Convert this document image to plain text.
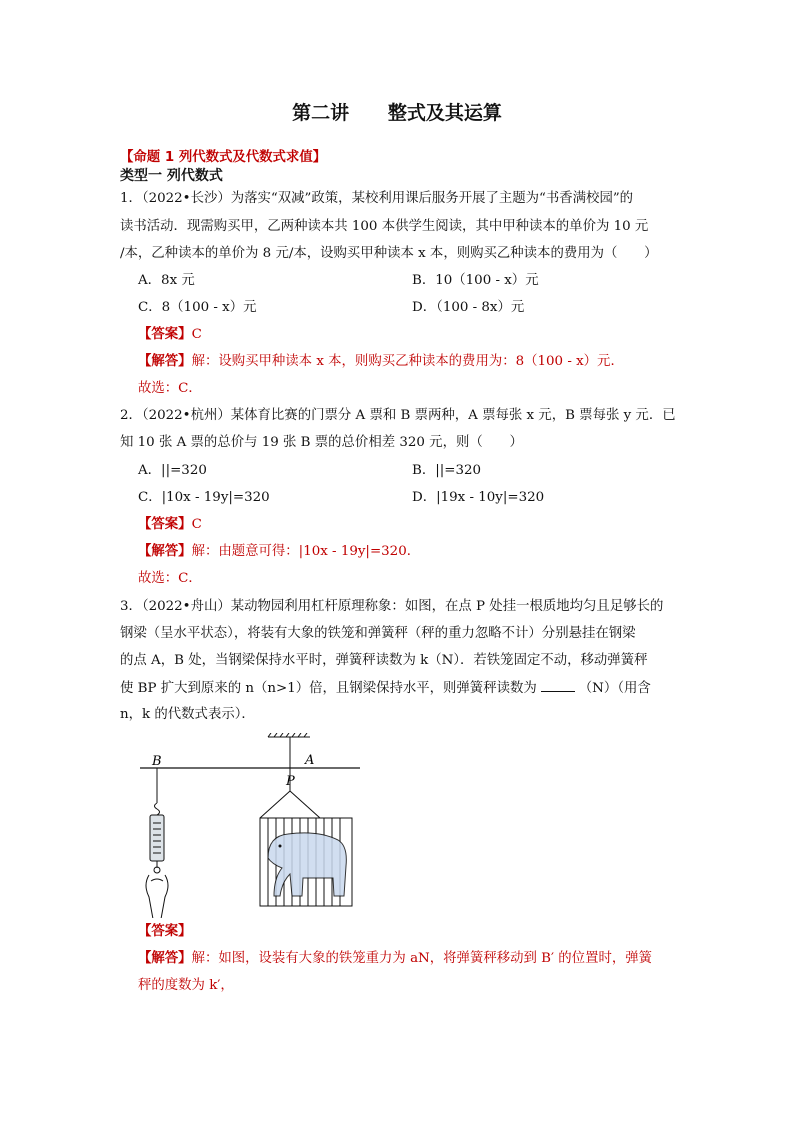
第二讲 整式及其运算
【命题 1 列代数式及代数式求值】
类型一 列代数式
1．（2022•长沙）为落实“双减”政策，某校利用课后服务开展了主题为“书香满校园”的
读书活动．现需购买甲，乙两种读本共 100 本供学生阅读，其中甲种读本的单价为 10 元
/本，乙种读本的单价为 8 元/本，设购买甲种读本 x 本，则购买乙种读本的费用为（　　）
A．8x 元	B．10（100 - x）元
C．8（100 - x）元	D．（100 - 8x）元
【答案】C
【解答】解：设购买甲种读本 x 本，则购买乙种读本的费用为：8（100 - x）元．
故选：C．
2．（2022•杭州）某体育比赛的门票分 A 票和 B 票两种，A 票每张 x 元，B 票每张 y 元．已
知 10 张 A 票的总价与 19 张 B 票的总价相差 320 元，则（　　）
A．||=320	B．||=320
C．|10x - 19y|=320	D．|19x - 10y|=320
【答案】C
【解答】解：由题意可得：|10x - 19y|=320．
故选：C．
3．（2022•舟山）某动物园利用杠杆原理称象：如图，在点 P 处挂一根质地均匀且足够长的
钢梁（呈水平状态），将装有大象的铁笼和弹簧秤（秤的重力忽略不计）分别悬挂在钢梁
的点 A，B 处，当钢梁保持水平时，弹簧秤读数为 k（N）．若铁笼固定不动，移动弹簧秤
使 BP 扩大到原来的 n（n>1）倍，且钢梁保持水平，则弹簧秤读数为	（N）（用含
n，k 的代数式表示）．
B	A
P
【答案】
【解答】解：如图，设装有大象的铁笼重力为 aN，将弹簧秤移动到 B′ 的位置时，弹簧
秤的度数为 k′，
